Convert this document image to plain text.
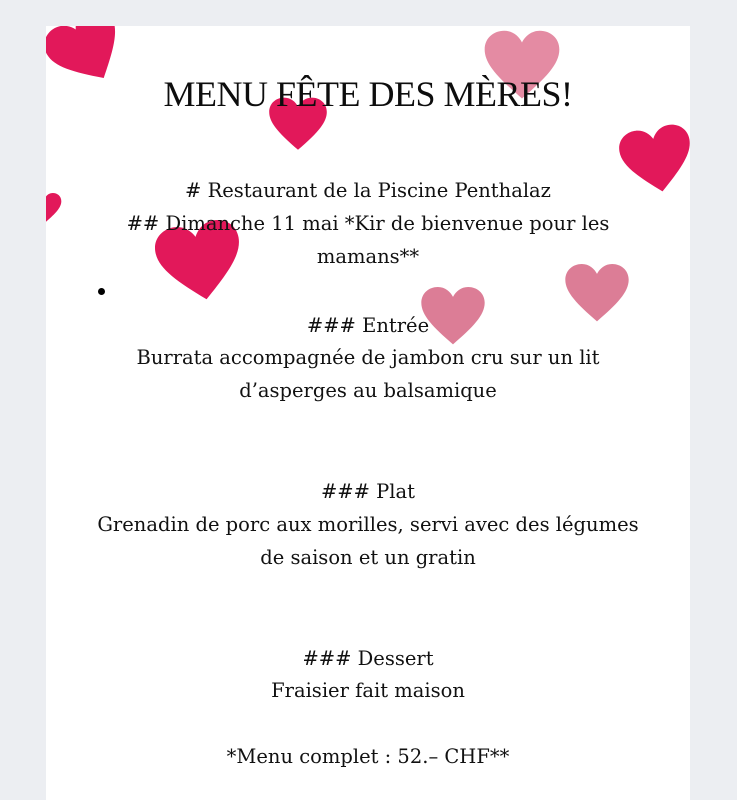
MENU FÊTE DES MÈRES!

# Restaurant de la Piscine Penthalaz

## Dimanche 11 mai *Kir de bienvenue pour les

mamans**

### Entrée

Burrata accompagnée de jambon cru sur un lit

d’asperges au balsamique

### Plat

Grenadin de porc aux morilles, servi avec des légumes

de saison et un gratin

### Dessert

Fraisier fait maison

*Menu complet : 52.– CHF**
